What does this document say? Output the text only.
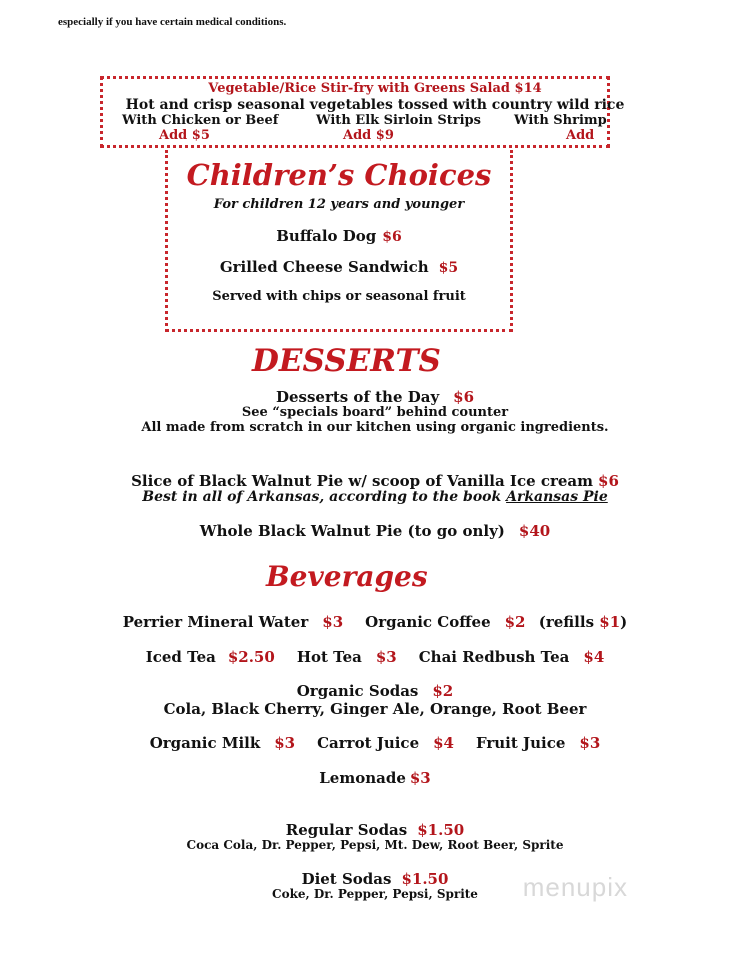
especially if you have certain medical conditions.
Vegetable/Rice Stir-fry with Greens Salad $14
Hot and crisp seasonal vegetables tossed with country wild rice
With Chicken or Beef
Add $5
With Elk Sirloin Strips
Add $9
With Shrimp
Add
Children’s Choices
For children 12 years and younger
Buffalo Dog $6
Grilled Cheese Sandwich $5
Served with chips or seasonal fruit
DESSERTS
Desserts of the Day $6
See “specials board” behind counter
All made from scratch in our kitchen using organic ingredients.
Slice of Black Walnut Pie w/ scoop of Vanilla Ice cream $6
Best in all of Arkansas, according to the book Arkansas Pie
Whole Black Walnut Pie (to go only) $40
Beverages
Perrier Mineral Water $3 Organic Coffee $2 (refills $1)
Iced Tea $2.50 Hot Tea $3 Chai Redbush Tea $4
Organic Sodas $2
Cola, Black Cherry, Ginger Ale, Orange, Root Beer
Organic Milk $3 Carrot Juice $4 Fruit Juice $3
Lemonade $3
Regular Sodas $1.50
Coca Cola, Dr. Pepper, Pepsi, Mt. Dew, Root Beer, Sprite
Diet Sodas $1.50
Coke, Dr. Pepper, Pepsi, Sprite	menupix
